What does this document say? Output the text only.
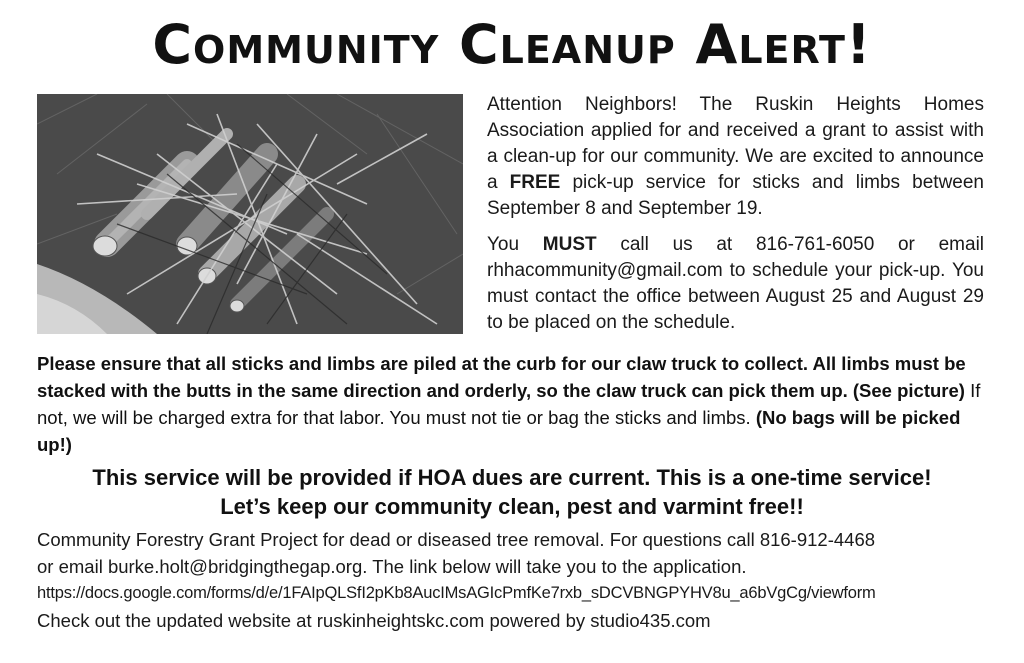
Community Cleanup Alert!

Attention Neighbors! The Ruskin Heights Homes Association applied for and received a grant to assist with a clean-up for our community. We are excited to announce a FREE pick-up service for sticks and limbs between September 8 and September 19.

You MUST call us at 816-761-6050 or email rhhacommunity@gmail.com to schedule your pick-up. You must contact the office between August 25 and August 29 to be placed on the schedule.

Please ensure that all sticks and limbs are piled at the curb for our claw truck to collect. All limbs must be stacked with the butts in the same direction and orderly, so the claw truck can pick them up. (See picture) If not, we will be charged extra for that labor. You must not tie or bag the sticks and limbs. (No bags will be picked up!)
This service will be provided if HOA dues are current. This is a one-time service!
Let’s keep our community clean, pest and varmint free!!
Community Forestry Grant Project for dead or diseased tree removal. For questions call 816-912-4468
or email burke.holt@bridgingthegap.org. The link below will take you to the application.
https://docs.google.com/forms/d/e/1FAIpQLSfI2pKb8AucIMsAGIcPmfKe7rxb_sDCVBNGPYHV8u_a6bVgCg/viewform
Check out the updated website at ruskinheightskc.com powered by studio435.com
